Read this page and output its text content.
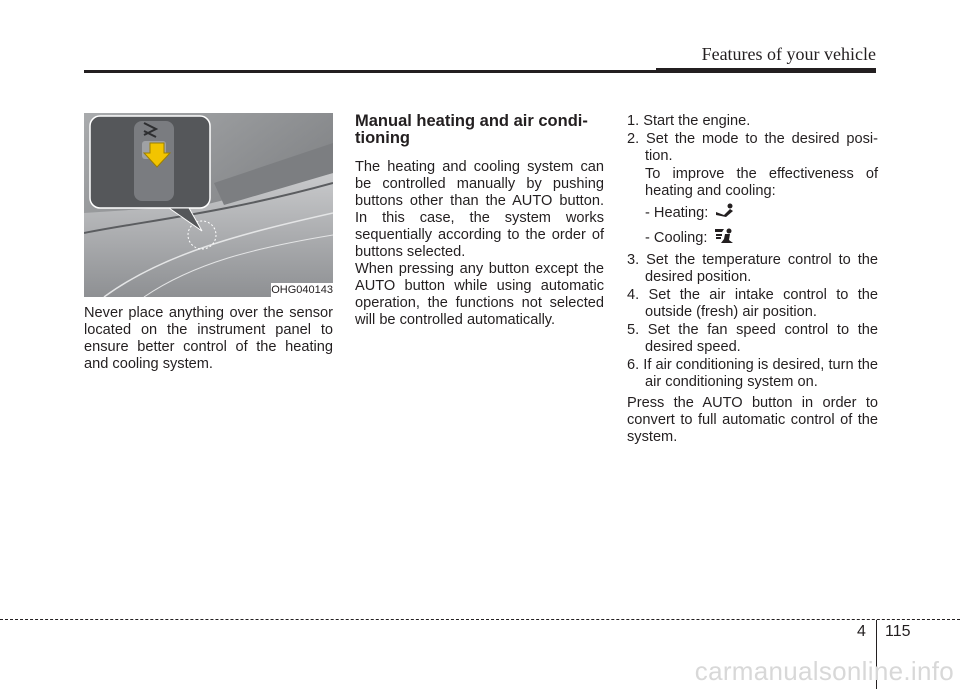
Features of your vehicle
OHG040143

Never place anything over the sensor located on the instrument panel to ensure better control of the heating and cooling system.

Manual heating and air condi-tioning

The heating and cooling system can be controlled manually by pushing buttons other than the AUTO button. In this case, the system works sequentially according to the order of buttons selected.

When pressing any button except the AUTO button while using automatic operation, the functions not selected will be controlled automatically.

1. Start the engine.

2. Set the mode to the desired posi-tion.

To improve the effectiveness of heating and cooling:

- Heating:
- Cooling:

3. Set the temperature control to the desired position.

4. Set the air intake control to the outside (fresh) air position.

5. Set the fan speed control to the desired speed.

6. If air conditioning is desired, turn the air conditioning system on.

Press the AUTO button in order to convert to full automatic control of the system.

4 115
carmanualsonline.info
